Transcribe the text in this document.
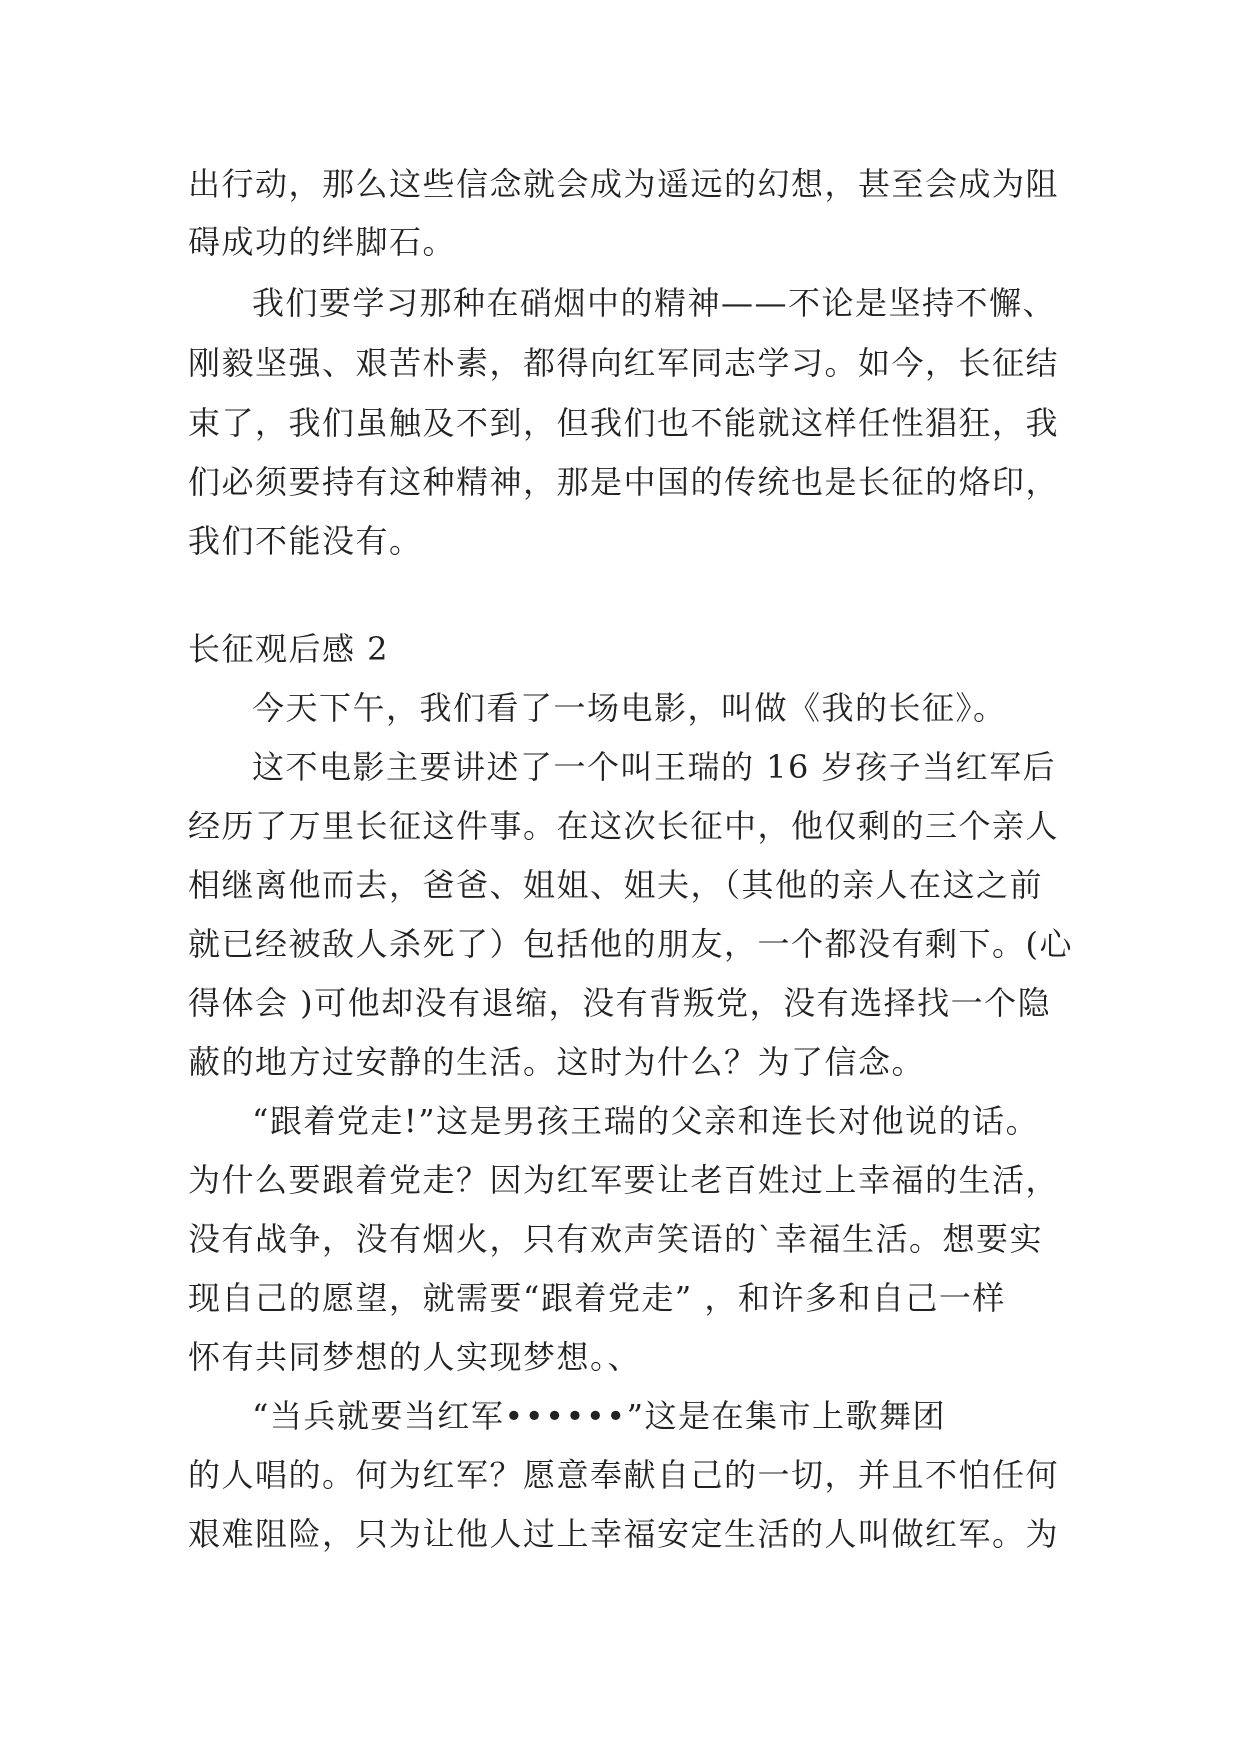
出行动，那么这些信念就会成为遥远的幻想，甚至会成为阻
碍成功的绊脚石。
我们要学习那种在硝烟中的精神——不论是坚持不懈、
刚毅坚强、艰苦朴素，都得向红军同志学习。如今，长征结
束了，我们虽触及不到，但我们也不能就这样任性猖狂，我
们必须要持有这种精神，那是中国的传统也是长征的烙印，
我们不能没有。
长征观后感 2
今天下午，我们看了一场电影，叫做《我的长征》。
这不电影主要讲述了一个叫王瑞的 16 岁孩子当红军后
经历了万里长征这件事。在这次长征中，他仅剩的三个亲人
相继离他而去，爸爸、姐姐、姐夫，（其他的亲人在这之前
就已经被敌人杀死了）包括他的朋友，一个都没有剩下。(心
得体会 )可他却没有退缩，没有背叛党，没有选择找一个隐
蔽的地方过安静的生活。这时为什么？为了信念。
“跟着党走!”这是男孩王瑞的父亲和连长对他说的话。
为什么要跟着党走？因为红军要让老百姓过上幸福的生活，
没有战争，没有烟火，只有欢声笑语的`幸福生活。想要实
现自己的愿望，就需要“跟着党走” ，和许多和自己一样
怀有共同梦想的人实现梦想。、
“当兵就要当红军••••••”这是在集市上歌舞团
的人唱的。何为红军？愿意奉献自己的一切，并且不怕任何
艰难阻险，只为让他人过上幸福安定生活的人叫做红军。为
